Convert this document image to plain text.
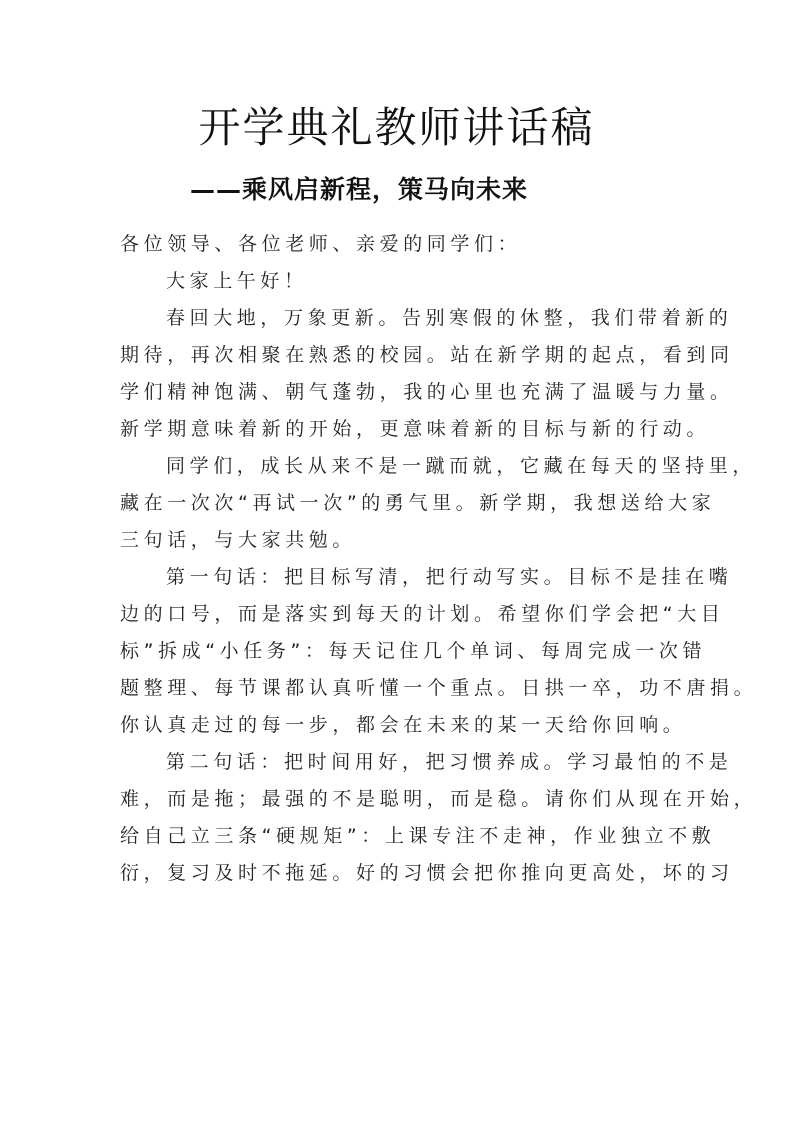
开学典礼教师讲话稿
——乘风启新程，策马向未来
各位领导、各位老师、亲爱的同学们：
大家上午好！
春回大地，万象更新。告别寒假的休整，我们带着新的
期待，再次相聚在熟悉的校园。站在新学期的起点，看到同
学们精神饱满、朝气蓬勃，我的心里也充满了温暖与力量。
新学期意味着新的开始，更意味着新的目标与新的行动。
同学们，成长从来不是一蹴而就，它藏在每天的坚持里，
藏在一次次“再试一次”的勇气里。新学期，我想送给大家
三句话，与大家共勉。
第一句话：把目标写清，把行动写实。目标不是挂在嘴
边的口号，而是落实到每天的计划。希望你们学会把“大目
标”拆成“小任务”：每天记住几个单词、每周完成一次错
题整理、每节课都认真听懂一个重点。日拱一卒，功不唐捐。
你认真走过的每一步，都会在未来的某一天给你回响。
第二句话：把时间用好，把习惯养成。学习最怕的不是
难，而是拖；最强的不是聪明，而是稳。请你们从现在开始，
给自己立三条“硬规矩”：上课专注不走神，作业独立不敷
衍，复习及时不拖延。好的习惯会把你推向更高处，坏的习
